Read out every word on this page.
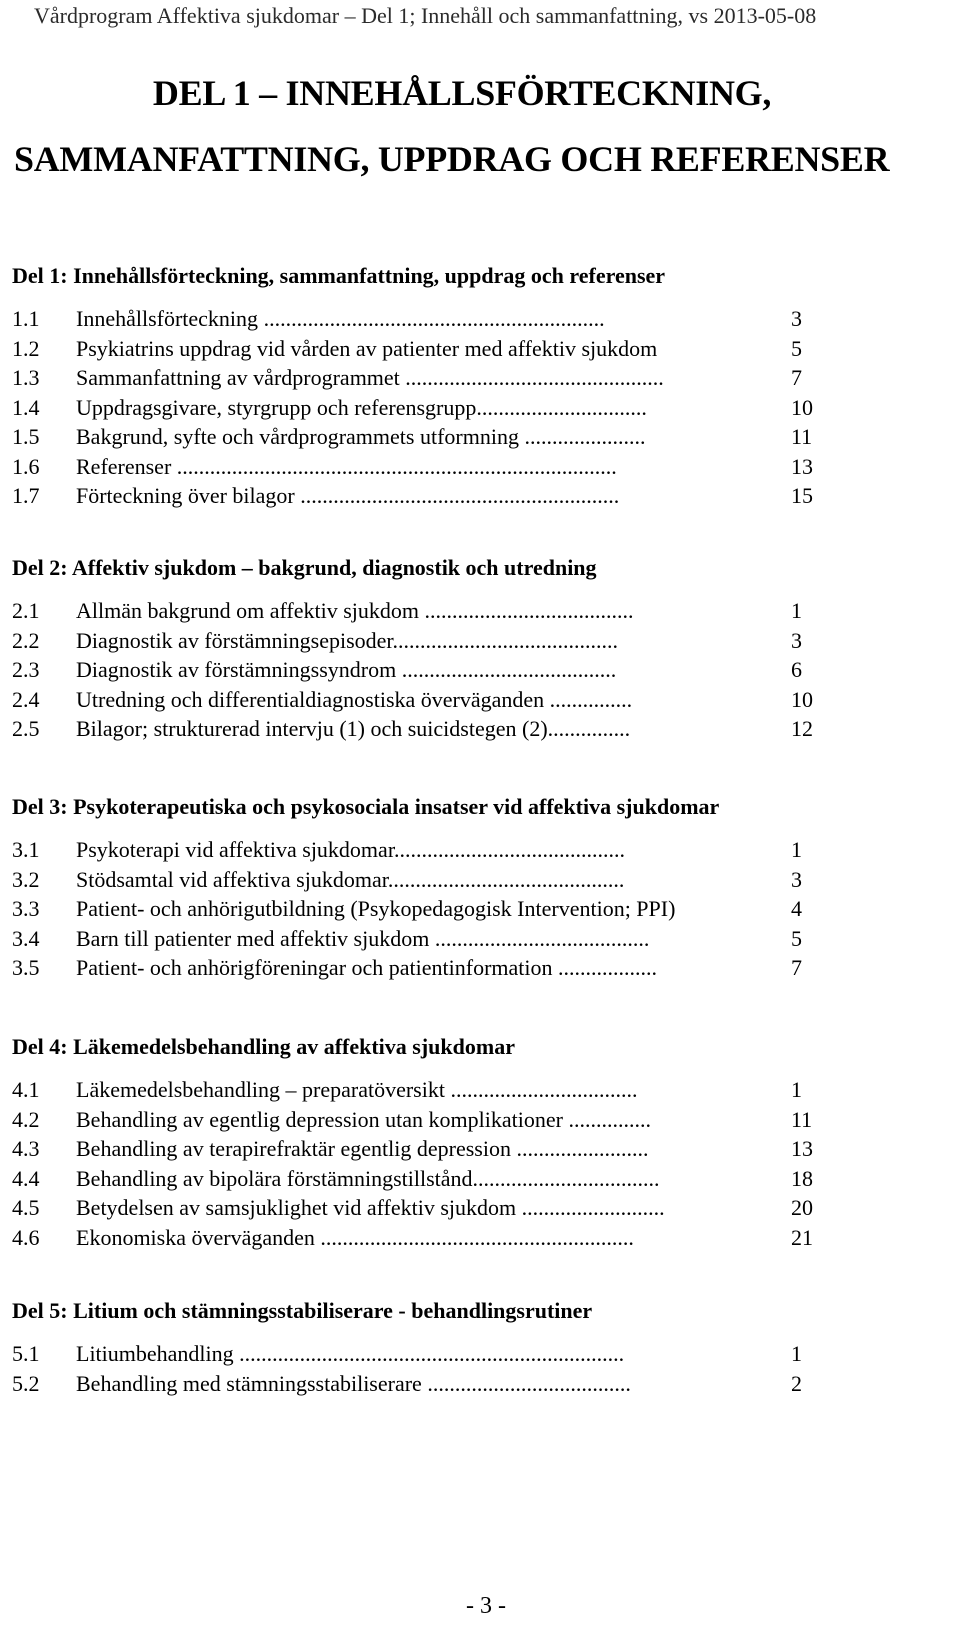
Vårdprogram Affektiva sjukdomar – Del 1; Innehåll och sammanfattning, vs 2013-05-08
DEL 1 – INNEHÅLLSFÖRTECKNING,
SAMMANFATTNING, UPPDRAG OCH REFERENSER
Del 1: Innehållsförteckning, sammanfattning, uppdrag och referenser
1.1 Innehållsförteckning ..............................................................	3
1.2 Psykiatrins uppdrag vid vården av patienter med affektiv sjukdom	5
1.3 Sammanfattning av vårdprogrammet ...............................................	7
1.4 Uppdragsgivare, styrgrupp och referensgrupp...............................	10
1.5 Bakgrund, syfte och vårdprogrammets utformning ......................	11
1.6 Referenser ................................................................................	13
1.7 Förteckning över bilagor ..........................................................	15
Del 2: Affektiv sjukdom – bakgrund, diagnostik och utredning
2.1 Allmän bakgrund om affektiv sjukdom ......................................	1
2.2 Diagnostik av förstämningsepisoder.........................................	3
2.3 Diagnostik av förstämningssyndrom .......................................	6
2.4 Utredning och differentialdiagnostiska överväganden ...............	10
2.5 Bilagor; strukturerad intervju (1) och suicidstegen (2)...............	12
Del 3: Psykoterapeutiska och psykosociala insatser vid affektiva sjukdomar
3.1 Psykoterapi vid affektiva sjukdomar..........................................	1
3.2 Stödsamtal vid affektiva sjukdomar...........................................	3
3.3 Patient- och anhörigutbildning (Psykopedagogisk Intervention; PPI)	4
3.4 Barn till patienter med affektiv sjukdom .......................................	5
3.5 Patient- och anhörigföreningar och patientinformation ..................	7
Del 4: Läkemedelsbehandling av affektiva sjukdomar
4.1 Läkemedelsbehandling – preparatöversikt ..................................	1
4.2 Behandling av egentlig depression utan komplikationer ...............	11
4.3 Behandling av terapirefraktär egentlig depression ........................	13
4.4 Behandling av bipolära förstämningstillstånd..................................	18
4.5 Betydelsen av samsjuklighet vid affektiv sjukdom ..........................	20
4.6 Ekonomiska överväganden .........................................................	21
Del 5: Litium och stämningsstabiliserare - behandlingsrutiner
5.1 Litiumbehandling ......................................................................	1
5.2 Behandling med stämningsstabiliserare .....................................	2
- 3 -
